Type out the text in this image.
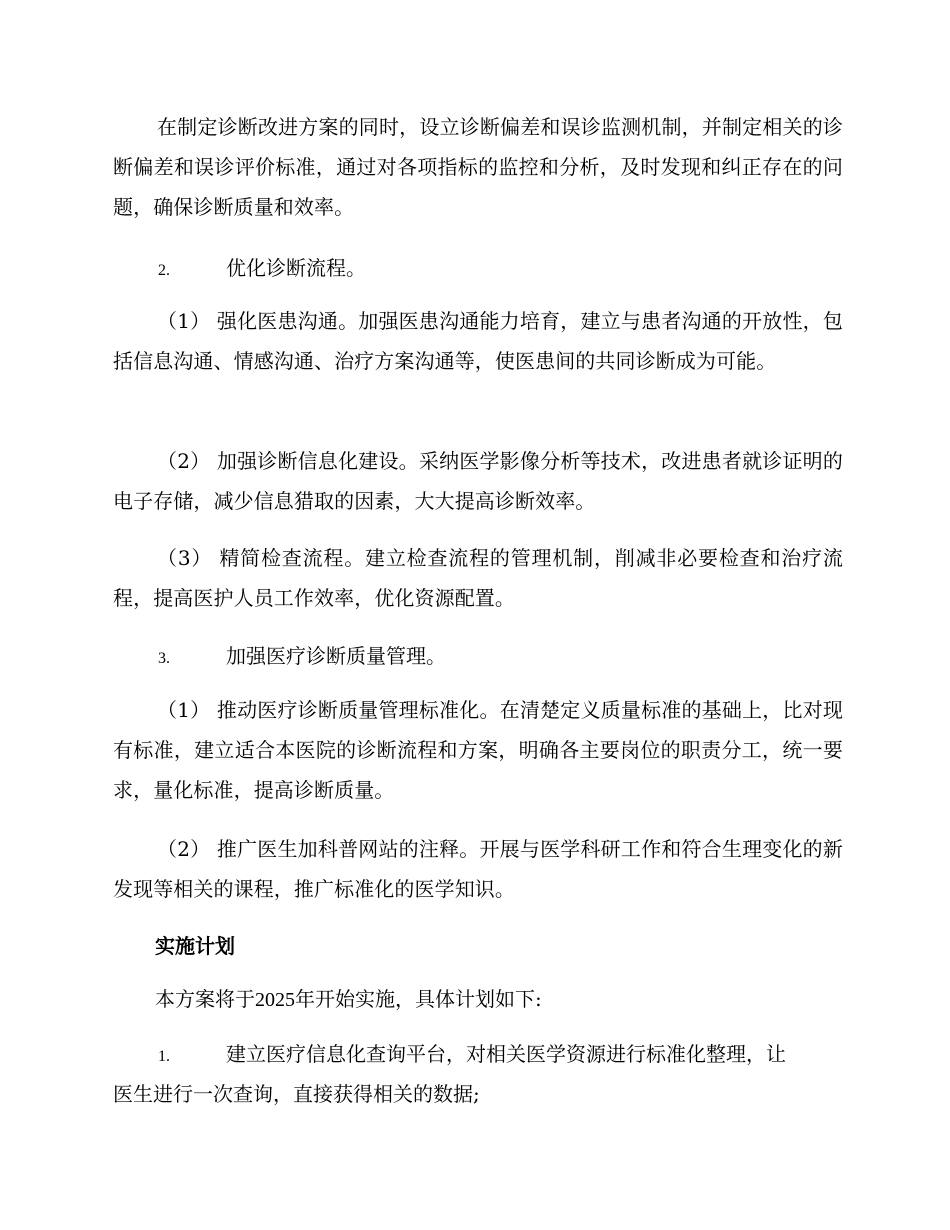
在制定诊断改进方案的同时，设立诊断偏差和误诊监测机制，并制定相关的诊断偏差和误诊评价标准，通过对各项指标的监控和分析，及时发现和纠正存在的问题，确保诊断质量和效率。

2.	优化诊断流程。

（1） 强化医患沟通。加强医患沟通能力培育，建立与患者沟通的开放性，包括信息沟通、情感沟通、治疗方案沟通等，使医患间的共同诊断成为可能。

（2） 加强诊断信息化建设。采纳医学影像分析等技术，改进患者就诊证明的电子存储，减少信息猎取的因素，大大提高诊断效率。

（3） 精简检查流程。建立检查流程的管理机制，削减非必要检查和治疗流程，提高医护人员工作效率，优化资源配置。

3.	加强医疗诊断质量管理。

（1） 推动医疗诊断质量管理标准化。在清楚定义质量标准的基础上，比对现有标准，建立适合本医院的诊断流程和方案，明确各主要岗位的职责分工，统一要求，量化标准，提高诊断质量。

（2） 推广医生加科普网站的注释。开展与医学科研工作和符合生理变化的新发现等相关的课程，推广标准化的医学知识。

实施计划

本方案将于2025年开始实施，具体计划如下:

1.	建立医疗信息化查询平台，对相关医学资源进行标准化整理，让

医生进行一次查询，直接获得相关的数据;
